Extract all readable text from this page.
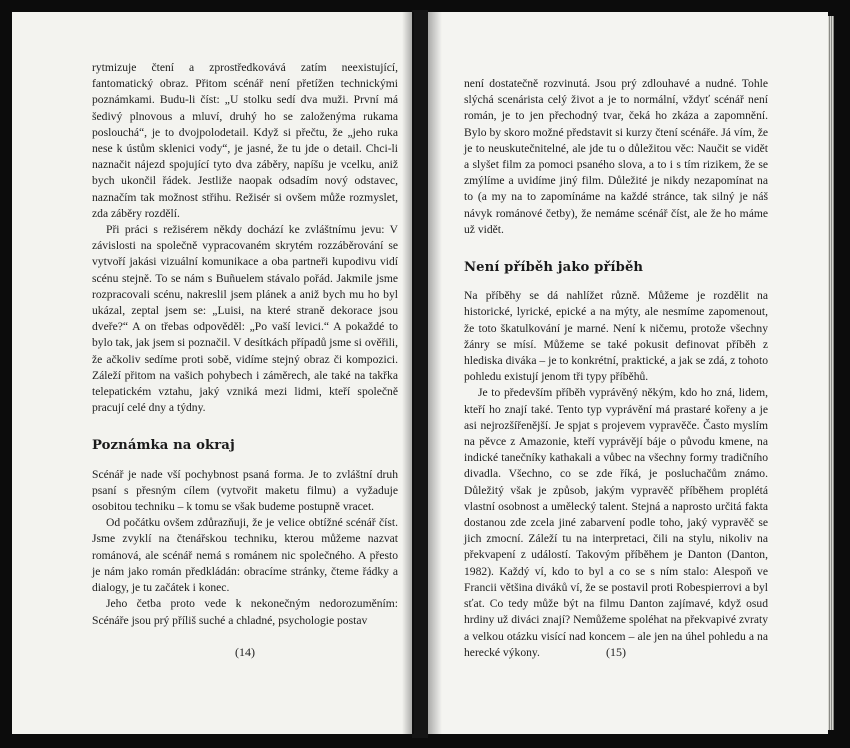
rytmizuje čtení a zprostředkovává zatím neexistující, fantomatický obraz. Přitom scénář není přetížen technickými poznámkami. Budu-li číst: „U stolku sedí dva muži. První má šedivý plnovous a mluví, druhý ho se založenýma rukama poslouchá“, je to dvojpolodetail. Když si přečtu, že „jeho ruka nese k ústům sklenici vody“, je jasné, že tu jde o detail. Chci-li naznačit nájezd spojující tyto dva záběry, napíšu je vcelku, aniž bych ukončil řádek. Jestliže naopak odsadím nový odstavec, naznačím tak možnost střihu. Režisér si ovšem může rozmyslet, zda záběry rozdělí.

Při práci s režisérem někdy dochází ke zvláštnímu jevu: V závislosti na společně vypracovaném skrytém rozzáběrování se vytvoří jakási vizuální komunikace a oba partneři kupodivu vidí scénu stejně. To se nám s Buñuelem stávalo pořád. Jakmile jsme rozpracovali scénu, nakreslil jsem plánek a aniž bych mu ho byl ukázal, zeptal jsem se: „Luisi, na které straně dekorace jsou dveře?“ A on třebas odpověděl: „Po vaší levici.“ A pokaždé to bylo tak, jak jsem si poznačil. V desítkách případů jsme si ověřili, že ačkoliv sedíme proti sobě, vidíme stejný obraz či kompozici. Záleží přitom na vašich pohybech i záměrech, ale také na takřka telepatickém vztahu, jaký vzniká mezi lidmi, kteří společně pracují celé dny a týdny.

Poznámka na okraj

Scénář je nade vší pochybnost psaná forma. Je to zvláštní druh psaní s přesným cílem (vytvořit maketu filmu) a vyžaduje osobitou techniku – k tomu se však budeme postupně vracet.

Od počátku ovšem zdůrazňuji, že je velice obtížné scénář číst. Jsme zvyklí na čtenářskou techniku, kterou můžeme nazvat románová, ale scénář nemá s románem nic společného. A přesto je nám jako román předkládán: obracíme stránky, čteme řádky a dialogy, je tu začátek i konec.

Jeho četba proto vede k nekonečným nedorozuměním: Scénáře jsou prý příliš suché a chladné, psychologie postav

(14)

není dostatečně rozvinutá. Jsou prý zdlouhavé a nudné. Tohle slýchá scenárista celý život a je to normální, vždyť scénář není román, je to jen přechodný tvar, čeká ho zkáza a zapomnění. Bylo by skoro možné představit si kurzy čtení scénáře. Já vím, že je to neuskutečnitelné, ale jde tu o důležitou věc: Naučit se vidět a slyšet film za pomoci psaného slova, a to i s tím rizikem, že se zmýlíme a uvidíme jiný film. Důležité je nikdy nezapomínat na to (a my na to zapomínáme na každé stránce, tak silný je náš návyk románové četby), že nemáme scénář číst, ale že ho máme už vidět.

Není příběh jako příběh

Na příběhy se dá nahlížet různě. Můžeme je rozdělit na historické, lyrické, epické a na mýty, ale nesmíme zapomenout, že toto škatulkování je marné. Není k ničemu, protože všechny žánry se mísí. Můžeme se také pokusit definovat příběh z hlediska diváka – je to konkrétní, praktické, a jak se zdá, z tohoto pohledu existují jenom tři typy příběhů.

Je to především příběh vyprávěný někým, kdo ho zná, lidem, kteří ho znají také. Tento typ vyprávění má prastaré kořeny a je asi nejrozšířenější. Je spjat s projevem vypravěče. Často myslím na pěvce z Amazonie, kteří vyprávějí báje o původu kmene, na indické tanečníky kathakali a vůbec na všechny formy tradičního divadla. Všechno, co se zde říká, je posluchačům známo. Důležitý však je způsob, jakým vypravěč příběhem proplétá vlastní osobnost a umělecký talent. Stejná a naprosto určitá fakta dostanou zde zcela jiné zabarvení podle toho, jaký vypravěč se jich zmocní. Záleží tu na interpretaci, čili na stylu, nikoliv na překvapení z událostí. Takovým příběhem je Danton (Danton, 1982). Každý ví, kdo to byl a co se s ním stalo: Alespoň ve Francii většina diváků ví, že se postavil proti Robespierrovi a byl sťat. Co tedy může být na filmu Danton zajímavé, když osud hrdiny už diváci znají? Nemůžeme spoléhat na překvapivé zvraty a velkou otázku visící nad koncem – ale jen na úhel pohledu a na herecké výkony.	(15)
